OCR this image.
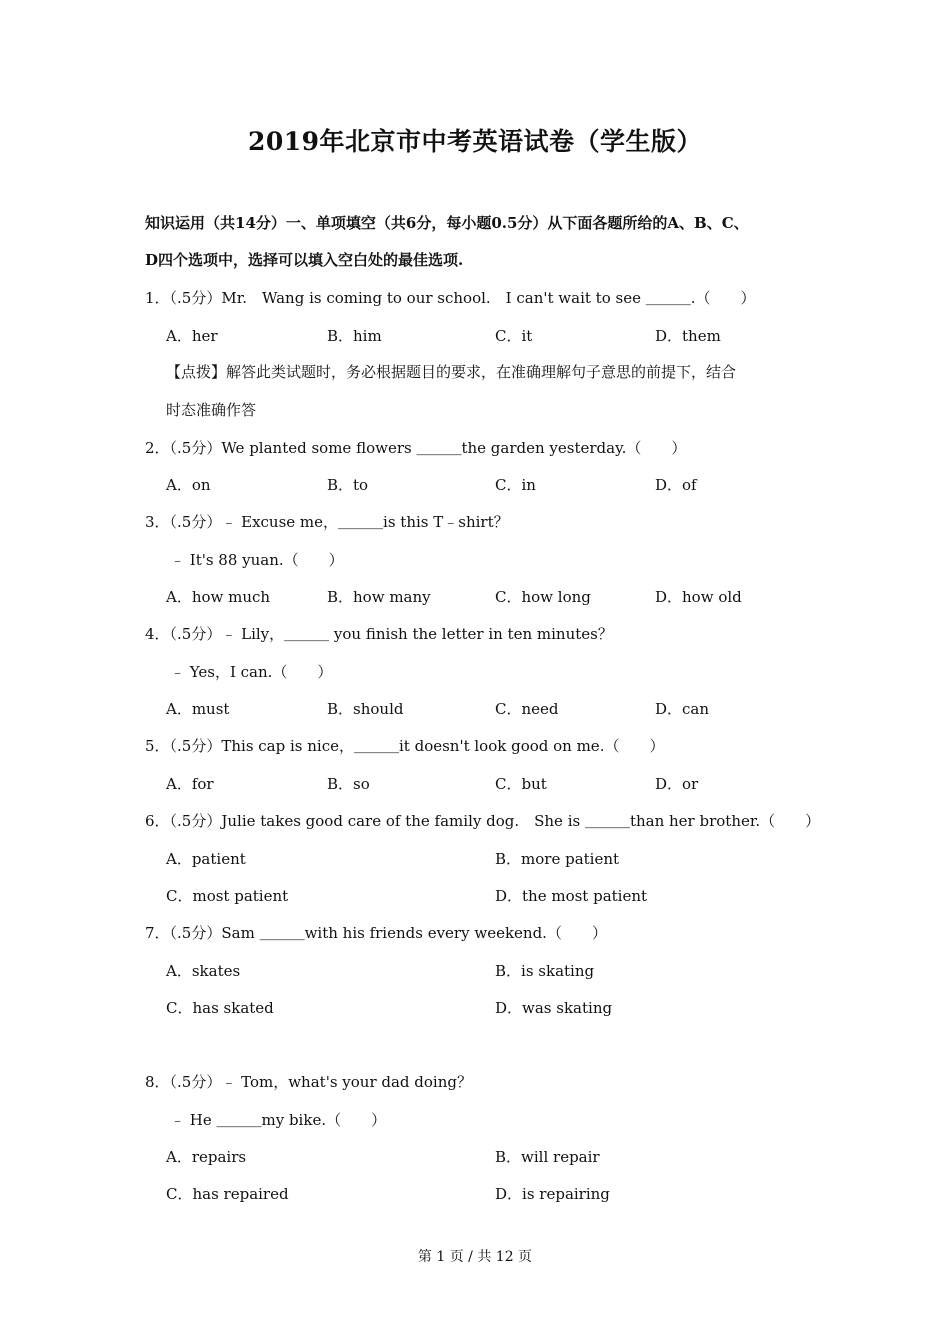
2019年北京市中考英语试卷（学生版）
知识运用（共14分）一、单项填空（共6分，每小题0.5分）从下面各题所给的A、B、C、
D四个选项中，选择可以填入空白处的最佳选项.
1．（.5分）Mr.　Wang is coming to our school.　I can't wait to see ＿＿＿.（　　）
A．her	B．him	C．it	D．them
【点拨】解答此类试题时，务必根据题目的要求，在准确理解句子意思的前提下，结合
时态准确作答
2．（.5分）We planted some flowers ＿＿＿the garden yesterday.（　　）
A．on	B．to	C．in	D．of
3．（.5分）﹣ Excuse me，＿＿＿is this T﹣shirt？
﹣ It's 88 yuan.（　　）
A．how much	B．how many	C．how long	D．how old
4．（.5分）﹣ Lily，＿＿＿ you finish the letter in ten minutes？
﹣ Yes，I can.（　　）
A．must	B．should	C．need	D．can
5．（.5分）This cap is nice，＿＿＿it doesn't look good on me.（　　）
A．for	B．so	C．but	D．or
6．（.5分）Julie takes good care of the family dog.　She is ＿＿＿than her brother.（　　）
A．patient	B．more patient
C．most patient	D．the most patient
7．（.5分）Sam ＿＿＿with his friends every weekend.（　　）
A．skates	B．is skating
C．has skated	D．was skating
8．（.5分）﹣ Tom，what's your dad doing？
﹣ He ＿＿＿my bike.（　　）
A．repairs	B．will repair
C．has repaired	D．is repairing
第 1 页 / 共 12 页
